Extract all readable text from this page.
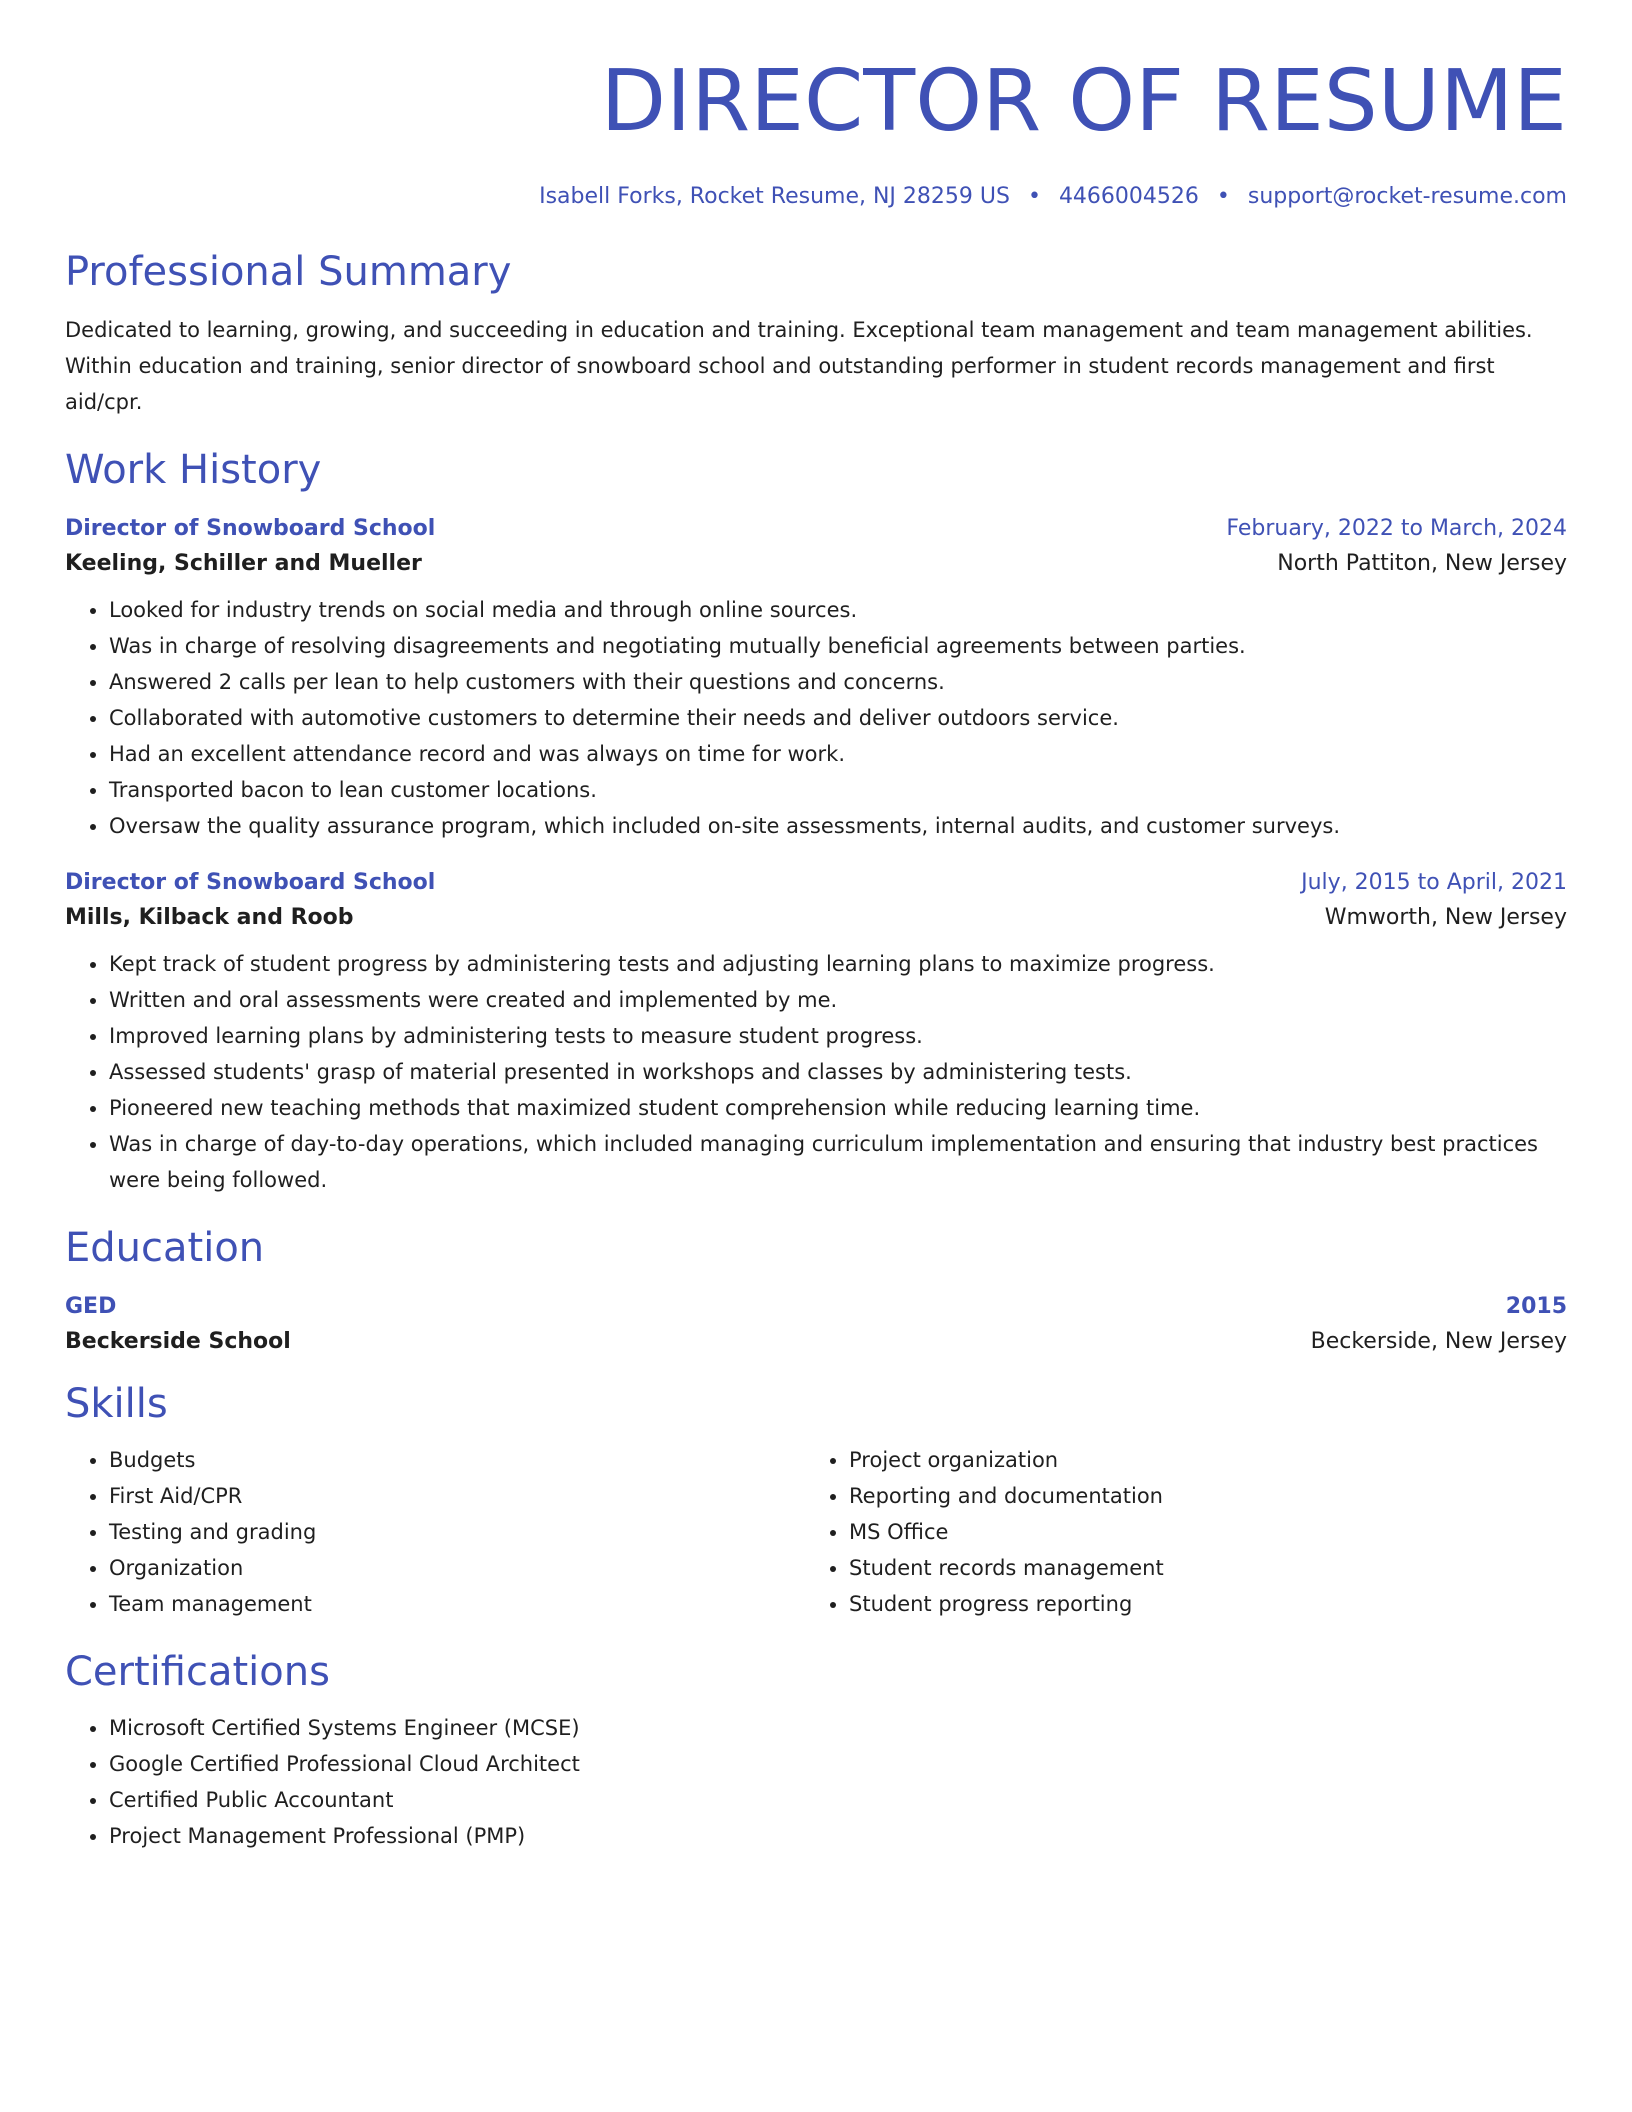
DIRECTOR OF RESUME
Isabell Forks, Rocket Resume, NJ 28259 US • 4466004526 • support@rocket-resume.com
Professional Summary
Dedicated to learning, growing, and succeeding in education and training. Exceptional team management and team management abilities. Within education and training, senior director of snowboard school and outstanding performer in student records management and first aid/cpr.
Work History
Director of Snowboard School	February, 2022 to March, 2024
Keeling, Schiller and Mueller	North Pattiton, New Jersey
• Looked for industry trends on social media and through online sources.
• Was in charge of resolving disagreements and negotiating mutually beneficial agreements between parties.
• Answered 2 calls per lean to help customers with their questions and concerns.
• Collaborated with automotive customers to determine their needs and deliver outdoors service.
• Had an excellent attendance record and was always on time for work.
• Transported bacon to lean customer locations.
• Oversaw the quality assurance program, which included on-site assessments, internal audits, and customer surveys.
Director of Snowboard School	July, 2015 to April, 2021
Mills, Kilback and Roob	Wmworth, New Jersey
• Kept track of student progress by administering tests and adjusting learning plans to maximize progress.
• Written and oral assessments were created and implemented by me.
• Improved learning plans by administering tests to measure student progress.
• Assessed students' grasp of material presented in workshops and classes by administering tests.
• Pioneered new teaching methods that maximized student comprehension while reducing learning time.
• Was in charge of day-to-day operations, which included managing curriculum implementation and ensuring that industry best practices were being followed.
Education
GED	2015
Beckerside School	Beckerside, New Jersey
Skills
• Budgets
• First Aid/CPR
• Testing and grading
• Organization
• Team management
• Project organization
• Reporting and documentation
• MS Office
• Student records management
• Student progress reporting
Certifications
• Microsoft Certified Systems Engineer (MCSE)
• Google Certified Professional Cloud Architect
• Certified Public Accountant
• Project Management Professional (PMP)
